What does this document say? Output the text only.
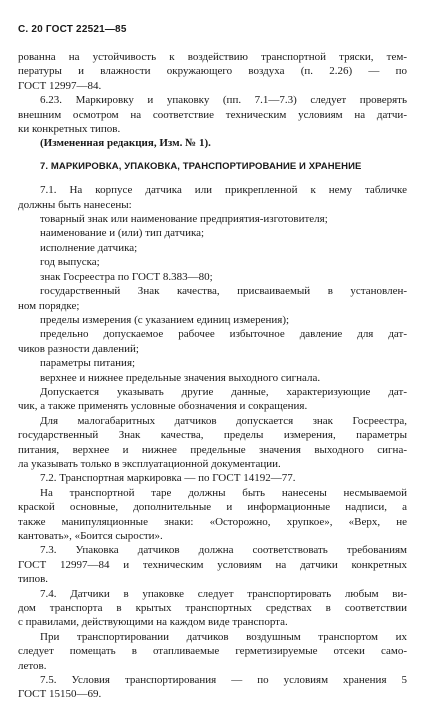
С. 20 ГОСТ 22521—85
рованна на устойчивость к воздействию транспортной тряски, тем-
пературы и влажности окружающего воздуха (п. 2.26) — по
ГОСТ 12997—84.
6.23. Маркировку и упаковку (пп. 7.1—7.3) следует проверять
внешним осмотром на соответствие техническим условиям на датчи-
ки конкретных типов.
(Измененная редакция, Изм. № 1).
7. МАРКИРОВКА, УПАКОВКА, ТРАНСПОРТИРОВАНИЕ И ХРАНЕНИЕ
7.1. На корпусе датчика или прикрепленной к нему табличке
должны быть нанесены:
товарный знак или наименование предприятия-изготовителя;
наименование и (или) тип датчика;
исполнение датчика;
год выпуска;
знак Госреестра по ГОСТ 8.383—80;
государственный Знак качества, присваиваемый в установлен-
ном порядке;
пределы измерения (с указанием единиц измерения);
предельно допускаемое рабочее избыточное давление для дат-
чиков разности давлений;
параметры питания;
верхнее и нижнее предельные значения выходного сигнала.
Допускается указывать другие данные, характеризующие дат-
чик, а также применять условные обозначения и сокращения.
Для малогабаритных датчиков допускается знак Госреестра,
государственный Знак качества, пределы измерения, параметры
питания, верхнее и нижнее предельные значения выходного сигна-
ла указывать только в эксплуатационной документации.
7.2. Транспортная маркировка — по ГОСТ 14192—77.
На транспортной таре должны быть нанесены несмываемой
краской основные, дополнительные и информационные надписи, а
также манипуляционные знаки: «Осторожно, хрупкое», «Верх, не
кантовать», «Боится сырости».
7.3. Упаковка датчиков должна соответствовать требованиям
ГОСТ 12997—84 и техническим условиям на датчики конкретных
типов.
7.4. Датчики в упаковке следует транспортировать любым ви-
дом транспорта в крытых транспортных средствах в соответствии
с правилами, действующими на каждом виде транспорта.
При транспортировании датчиков воздушным транспортом их
следует помещать в отапливаемые герметизируемые отсеки само-
летов.
7.5. Условия транспортирования — по условиям хранения 5
ГОСТ 15150—69.
